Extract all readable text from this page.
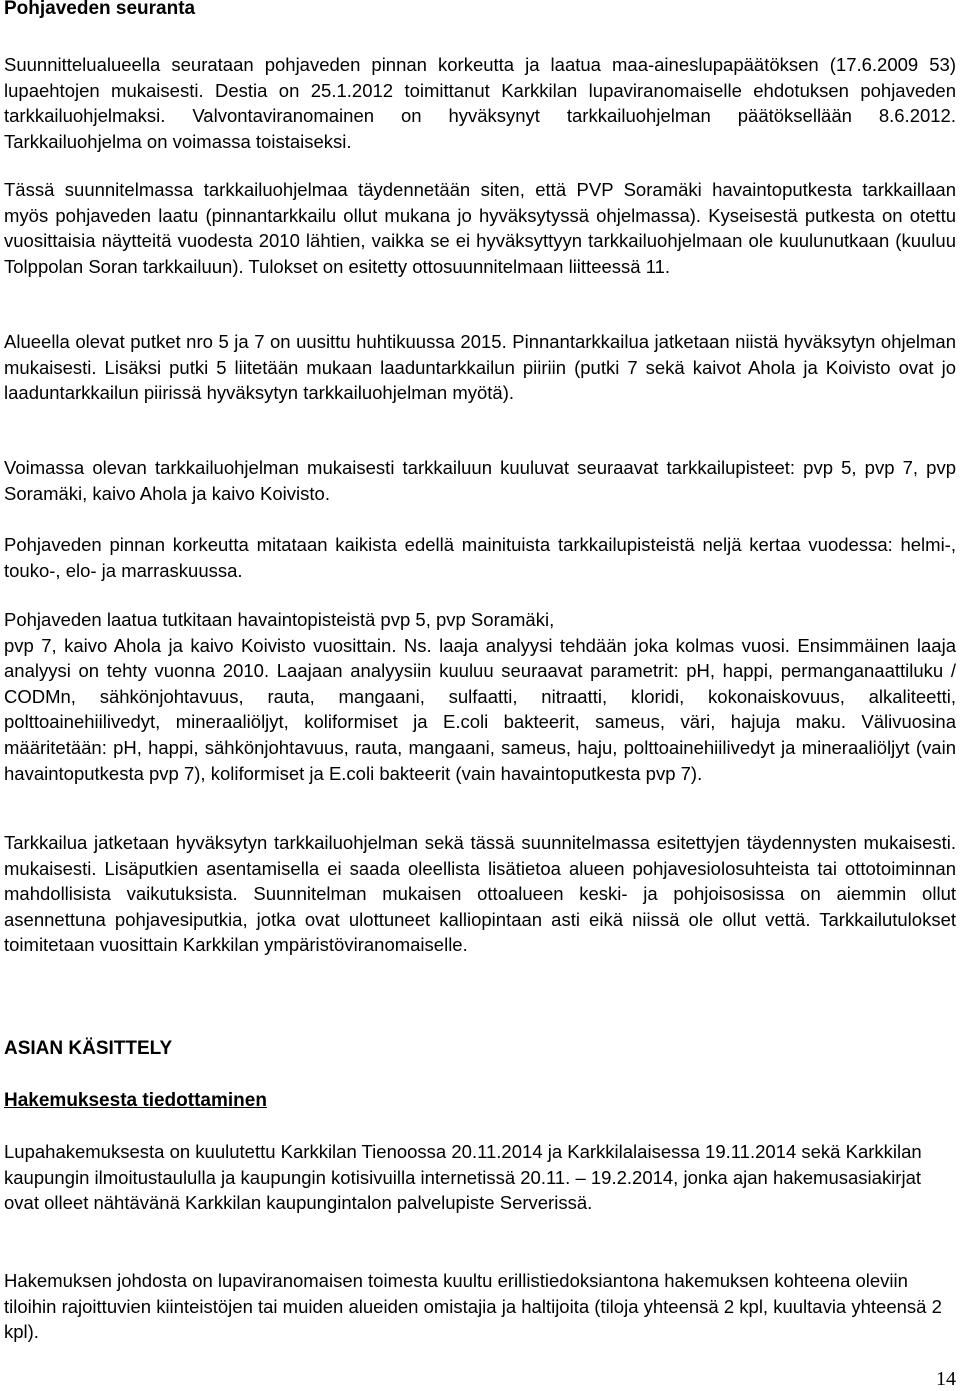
Pohjaveden seuranta

Suunnittelualueella seurataan pohjaveden pinnan korkeutta ja laatua maa-aineslupapäätöksen (17.6.2009 53) lupaehtojen mukaisesti. Destia on 25.1.2012 toimittanut Karkkilan lupaviranomaiselle ehdotuksen pohjaveden tarkkailuohjelmaksi. Valvontaviranomainen on hyväksynyt tarkkailuohjelman päätöksellään 8.6.2012. Tarkkailuohjelma on voimassa toistaiseksi.

Tässä suunnitelmassa tarkkailuohjelmaa täydennetään siten, että PVP Soramäki havaintoputkesta tarkkaillaan myös pohjaveden laatu (pinnantarkkailu ollut mukana jo hyväksytyssä ohjelmassa). Kyseisestä putkesta on otettu vuosittaisia näytteitä vuodesta 2010 lähtien, vaikka se ei hyväksyttyyn tarkkailuohjelmaan ole kuulunutkaan (kuuluu Tolppolan Soran tarkkailuun). Tulokset on esitetty ottosuunnitelmaan liitteessä 11.

Alueella olevat putket nro 5 ja 7 on uusittu huhtikuussa 2015. Pinnantarkkailua jatketaan niistä hyväksytyn ohjelman mukaisesti. Lisäksi putki 5 liitetään mukaan laaduntarkkailun piiriin (putki 7 sekä kaivot Ahola ja Koivisto ovat jo laaduntarkkailun piirissä hyväksytyn tarkkailuohjelman myötä).

Voimassa olevan tarkkailuohjelman mukaisesti tarkkailuun kuuluvat seuraavat tarkkailupisteet: pvp 5, pvp 7, pvp Soramäki, kaivo Ahola ja kaivo Koivisto.

Pohjaveden pinnan korkeutta mitataan kaikista edellä mainituista tarkkailupisteistä neljä kertaa vuodessa: helmi-, touko-, elo- ja marraskuussa.

Pohjaveden laatua tutkitaan havaintopisteistä pvp 5, pvp Soramäki,

pvp 7, kaivo Ahola ja kaivo Koivisto vuosittain. Ns. laaja analyysi tehdään joka kolmas vuosi. Ensimmäinen laaja analyysi on tehty vuonna 2010. Laajaan analyysiin kuuluu seuraavat parametrit: pH, happi, permanganaattiluku / CODMn, sähkönjohtavuus, rauta, mangaani, sulfaatti, nitraatti, kloridi, kokonaiskovuus, alkaliteetti, polttoainehiilivedyt, mineraaliöljyt, koliformiset ja E.coli bakteerit, sameus, väri, hajuja maku. Välivuosina määritetään: pH, happi, sähkönjohtavuus, rauta, mangaani, sameus, haju, polttoainehiilivedyt ja mineraaliöljyt (vain havaintoputkesta pvp 7), koliformiset ja E.coli bakteerit (vain havaintoputkesta pvp 7).

Tarkkailua jatketaan hyväksytyn tarkkailuohjelman sekä tässä suunnitelmassa esitettyjen täydennysten mukaisesti. mukaisesti. Lisäputkien asentamisella ei saada oleellista lisätietoa alueen pohjavesiolosuhteista tai ottotoiminnan mahdollisista vaikutuksista. Suunnitelman mukaisen ottoalueen keski- ja pohjoisosissa on aiemmin ollut asennettuna pohjavesiputkia, jotka ovat ulottuneet kalliopintaan asti eikä niissä ole ollut vettä. Tarkkailutulokset toimitetaan vuosittain Karkkilan ympäristöviranomaiselle.

ASIAN KÄSITTELY
Hakemuksesta tiedottaminen

Lupahakemuksesta on kuulutettu Karkkilan Tienoossa 20.11.2014 ja Karkkilalaisessa 19.11.2014 sekä Karkkilan kaupungin ilmoitustaululla ja kaupungin kotisivuilla internetissä 20.11. – 19.2.2014, jonka ajan hakemusasiakirjat ovat olleet nähtävänä Karkkilan kaupungintalon palvelupiste Serverissä.

Hakemuksen johdosta on lupaviranomaisen toimesta kuultu erillistiedoksiantona hakemuksen kohteena oleviin tiloihin rajoittuvien kiinteistöjen tai muiden alueiden omistajia ja haltijoita (tiloja yhteensä 2 kpl, kuultavia yhteensä 2 kpl).

14
